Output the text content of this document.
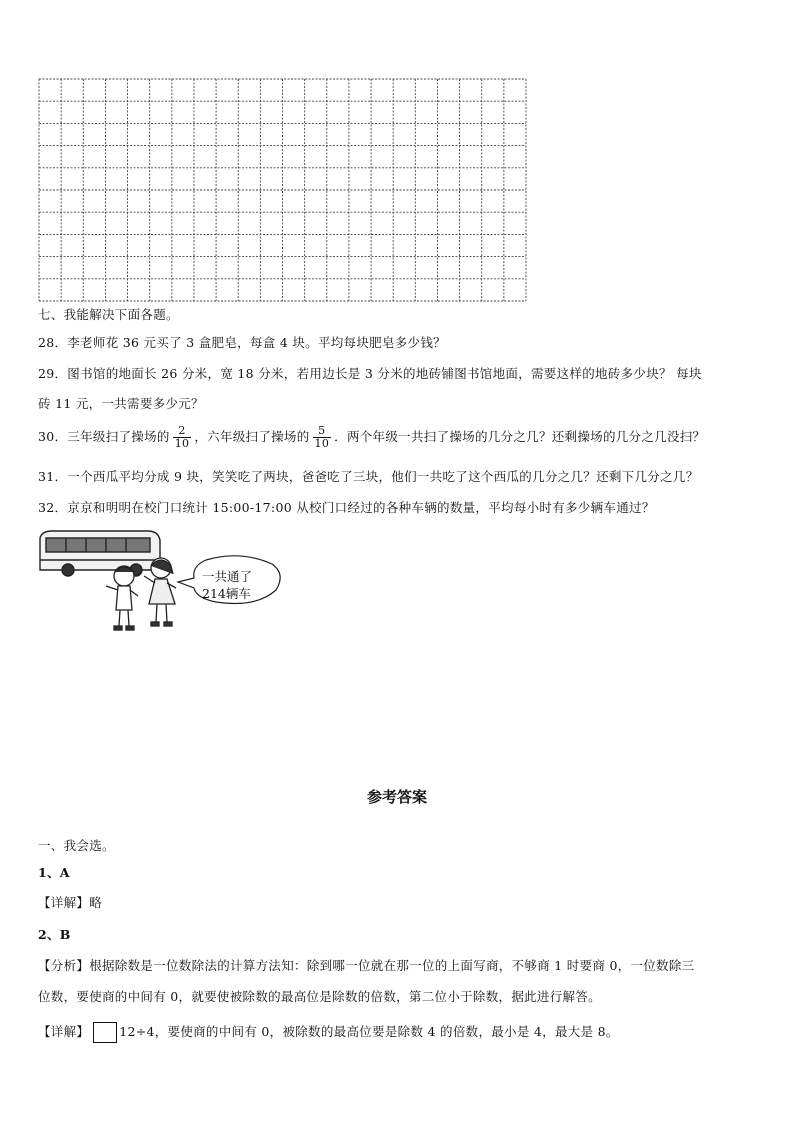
七、我能解决下面各题。
28．李老师花 36 元买了 3 盒肥皂，每盒 4 块。平均每块肥皂多少钱？
29．图书馆的地面长 26 分米，宽 18 分米，若用边长是 3 分米的地砖铺图书馆地面，需要这样的地砖多少块？ 每块
砖 11 元，一共需要多少元？
30．三年级扫了操场的 $\frac{2}{10}$ ，六年级扫了操场的 $\frac{5}{10}$ ．两个年级一共扫了操场的几分之几？还剩操场的几分之几没扫？
31．一个西瓜平均分成 9 块，笑笑吃了两块，爸爸吃了三块，他们一共吃了这个西瓜的几分之几？还剩下几分之几？
32．京京和明明在校门口统计 15:00-17:00 从校门口经过的各种车辆的数量，平均每小时有多少辆车通过？
一共通了
214辆车
参考答案
一、我会选。
1、A
【详解】略
2、B
【分析】根据除数是一位数除法的计算方法知：除到哪一位就在那一位的上面写商，不够商 1 时要商 0，一位数除三
位数，要使商的中间有 0，就要使被除数的最高位是除数的倍数，第二位小于除数，据此进行解答。
【详解】 12÷4，要使商的中间有 0，被除数的最高位要是除数 4 的倍数，最小是 4，最大是 8。
